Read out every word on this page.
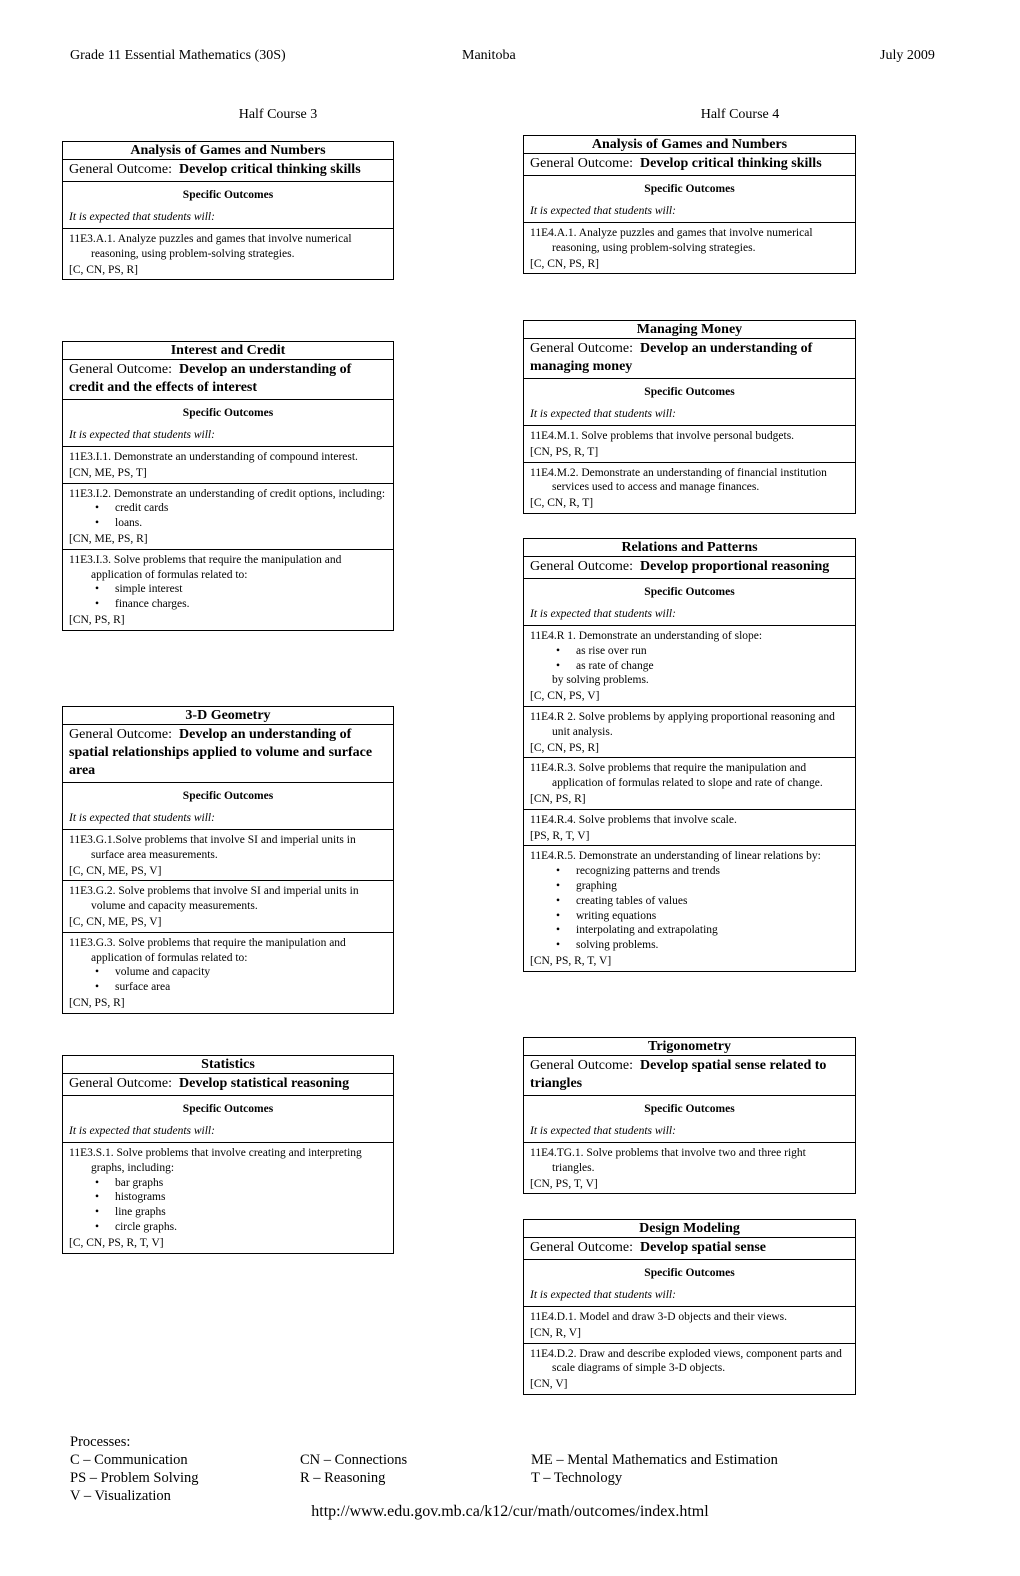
Grade 11 Essential Mathematics (30S)	Manitoba	July 2009
Half Course 3	Half Course 4
Analysis of Games and Numbers
General Outcome: Develop critical thinking skills
Specific Outcomes
It is expected that students will:
11E3.A.1. Analyze puzzles and games that involve numerical reasoning, using problem-solving strategies.
[C, CN, PS, R]
Interest and Credit
General Outcome: Develop an understanding of credit and the effects of interest
Specific Outcomes
It is expected that students will:
11E3.I.1. Demonstrate an understanding of compound interest.
[CN, ME, PS, T]
11E3.I.2. Demonstrate an understanding of credit options, including:
• credit cards
• loans.
[CN, ME, PS, R]
11E3.I.3. Solve problems that require the manipulation and application of formulas related to:
• simple interest
• finance charges.
[CN, PS, R]
3-D Geometry
General Outcome: Develop an understanding of spatial relationships applied to volume and surface area
Specific Outcomes
It is expected that students will:
11E3.G.1.Solve problems that involve SI and imperial units in surface area measurements.
[C, CN, ME, PS, V]
11E3.G.2. Solve problems that involve SI and imperial units in volume and capacity measurements.
[C, CN, ME, PS, V]
11E3.G.3. Solve problems that require the manipulation and application of formulas related to:
• volume and capacity
• surface area
[CN, PS, R]
Statistics
General Outcome: Develop statistical reasoning
Specific Outcomes
It is expected that students will:
11E3.S.1. Solve problems that involve creating and interpreting graphs, including:
• bar graphs
• histograms
• line graphs
• circle graphs.
[C, CN, PS, R, T, V]
Analysis of Games and Numbers
General Outcome: Develop critical thinking skills
Specific Outcomes
It is expected that students will:
11E4.A.1. Analyze puzzles and games that involve numerical reasoning, using problem-solving strategies.
[C, CN, PS, R]
Managing Money
General Outcome: Develop an understanding of managing money
Specific Outcomes
It is expected that students will:
11E4.M.1. Solve problems that involve personal budgets.
[CN, PS, R, T]
11E4.M.2. Demonstrate an understanding of financial institution services used to access and manage finances.
[C, CN, R, T]
Relations and Patterns
General Outcome: Develop proportional reasoning
Specific Outcomes
It is expected that students will:
11E4.R 1. Demonstrate an understanding of slope:
• as rise over run
• as rate of change
by solving problems.
[C, CN, PS, V]
11E4.R 2. Solve problems by applying proportional reasoning and unit analysis.
[C, CN, PS, R]
11E4.R.3. Solve problems that require the manipulation and application of formulas related to slope and rate of change.
[CN, PS, R]
11E4.R.4. Solve problems that involve scale.
[PS, R, T, V]
11E4.R.5. Demonstrate an understanding of linear relations by:
• recognizing patterns and trends
• graphing
• creating tables of values
• writing equations
• interpolating and extrapolating
• solving problems.
[CN, PS, R, T, V]
Trigonometry
General Outcome: Develop spatial sense related to triangles
Specific Outcomes
It is expected that students will:
11E4.TG.1. Solve problems that involve two and three right triangles.
[CN, PS, T, V]
Design Modeling
General Outcome: Develop spatial sense
Specific Outcomes
It is expected that students will:
11E4.D.1. Model and draw 3-D objects and their views.
[CN, R, V]
11E4.D.2. Draw and describe exploded views, component parts and scale diagrams of simple 3-D objects.
[CN, V]
Processes:
C – Communication	CN – Connections	ME – Mental Mathematics and Estimation
PS – Problem Solving	R – Reasoning	T – Technology
V – Visualization
http://www.edu.gov.mb.ca/k12/cur/math/outcomes/index.html
